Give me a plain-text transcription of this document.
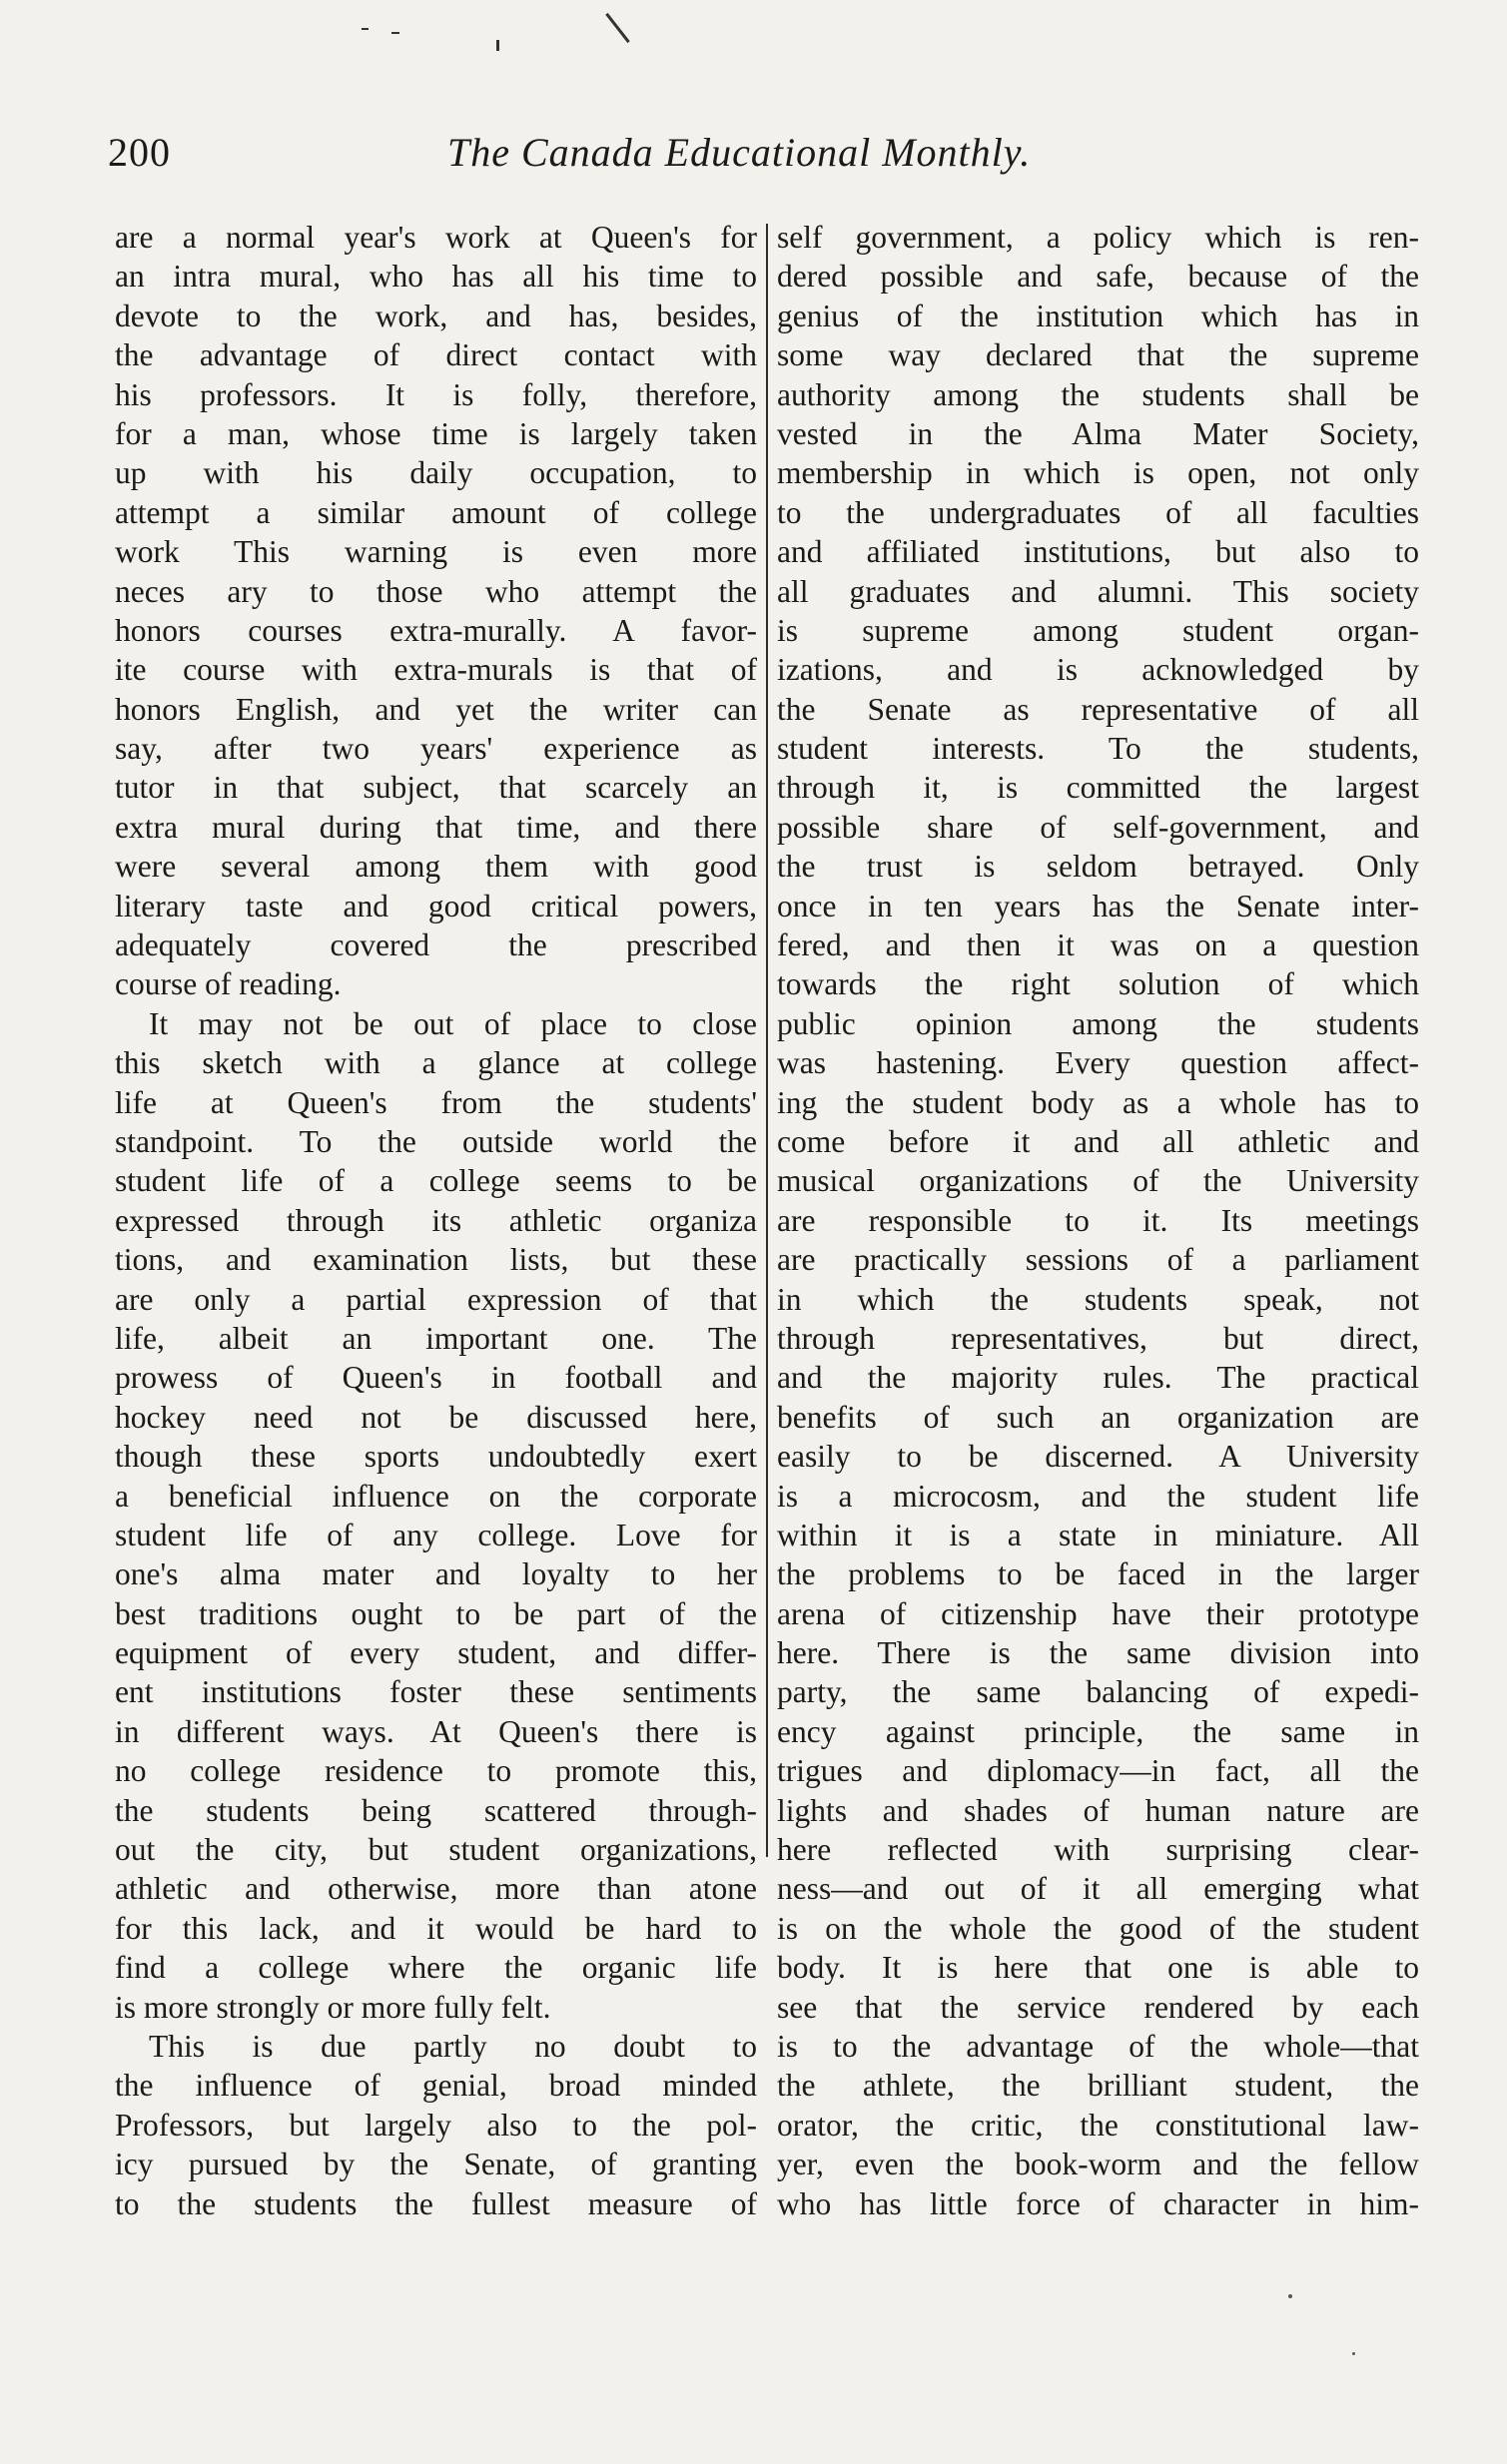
200	The Canada Educational Monthly.
are a normal year's work at Queen's for
an intra mural, who has all his time to
devote to the work, and has, besides,
the advantage of direct contact with
his professors. It is folly, therefore,
for a man, whose time is largely taken
up with his daily occupation, to
attempt a similar amount of college
work This warning is even more
neces ary to those who attempt the
honors courses extra-murally. A favor-
ite course with extra-murals is that of
honors English, and yet the writer can
say, after two years' experience as
tutor in that subject, that scarcely an
extra mural during that time, and there
were several among them with good
literary taste and good critical powers,
adequately covered the prescribed
course of reading.
It may not be out of place to close
this sketch with a glance at college
life at Queen's from the students'
standpoint. To the outside world the
student life of a college seems to be
expressed through its athletic organiza
tions, and examination lists, but these
are only a partial expression of that
life, albeit an important one. The
prowess of Queen's in football and
hockey need not be discussed here,
though these sports undoubtedly exert
a beneficial influence on the corporate
student life of any college. Love for
one's alma mater and loyalty to her
best traditions ought to be part of the
equipment of every student, and differ-
ent institutions foster these sentiments
in different ways. At Queen's there is
no college residence to promote this,
the students being scattered through-
out the city, but student organizations,
athletic and otherwise, more than atone
for this lack, and it would be hard to
find a college where the organic life
is more strongly or more fully felt.
This is due partly no doubt to
the influence of genial, broad minded
Professors, but largely also to the pol-
icy pursued by the Senate, of granting
to the students the fullest measure of
self government, a policy which is ren-
dered possible and safe, because of the
genius of the institution which has in
some way declared that the supreme
authority among the students shall be
vested in the Alma Mater Society,
membership in which is open, not only
to the undergraduates of all faculties
and affiliated institutions, but also to
all graduates and alumni. This society
is supreme among student organ-
izations, and is acknowledged by
the Senate as representative of all
student interests. To the students,
through it, is committed the largest
possible share of self-government, and
the trust is seldom betrayed. Only
once in ten years has the Senate inter-
fered, and then it was on a question
towards the right solution of which
public opinion among the students
was hastening. Every question affect-
ing the student body as a whole has to
come before it and all athletic and
musical organizations of the University
are responsible to it. Its meetings
are practically sessions of a parliament
in which the students speak, not
through representatives, but direct,
and the majority rules. The practical
benefits of such an organization are
easily to be discerned. A University
is a microcosm, and the student life
within it is a state in miniature. All
the problems to be faced in the larger
arena of citizenship have their prototype
here. There is the same division into
party, the same balancing of expedi-
ency against principle, the same in
trigues and diplomacy—in fact, all the
lights and shades of human nature are
here reflected with surprising clear-
ness—and out of it all emerging what
is on the whole the good of the student
body. It is here that one is able to
see that the service rendered by each
is to the advantage of the whole—that
the athlete, the brilliant student, the
orator, the critic, the constitutional law-
yer, even the book-worm and the fellow
who has little force of character in him-
